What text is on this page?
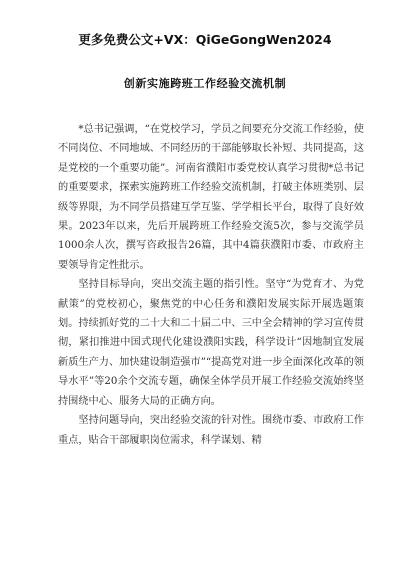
更多免费公文+VX：QiGeGongWen2024
创新实施跨班工作经验交流机制

*总书记强调，“在党校学习，学员之间要充分交流工作经验，使不同岗位、不同地域、不同经历的干部能够取长补短、共同提高，这是党校的一个重要功能”。河南省濮阳市委党校认真学习贯彻*总书记的重要要求，探索实施跨班工作经验交流机制，打破主体班类别、层级等界限，为不同学员搭建互学互鉴、学学相长平台，取得了良好效果。2023年以来，先后开展跨班工作经验交流5次，参与交流学员1000余人次，撰写咨政报告26篇，其中4篇获濮阳市委、市政府主要领导肯定性批示。

坚持目标导向，突出交流主题的指引性。坚守“为党育才、为党献策”的党校初心，聚焦党的中心任务和濮阳发展实际开展选题策划。持续抓好党的二十大和二十届二中、三中全会精神的学习宣传贯彻，紧扣推进中国式现代化建设濮阳实践，科学设计“因地制宜发展新质生产力、加快建设制造强市”“提高党对进一步全面深化改革的领导水平”等20余个交流专题，确保全体学员开展工作经验交流始终坚持围绕中心、服务大局的正确方向。

坚持问题导向，突出经验交流的针对性。围绕市委、市政府工作重点，贴合干部履职岗位需求，科学谋划、精
